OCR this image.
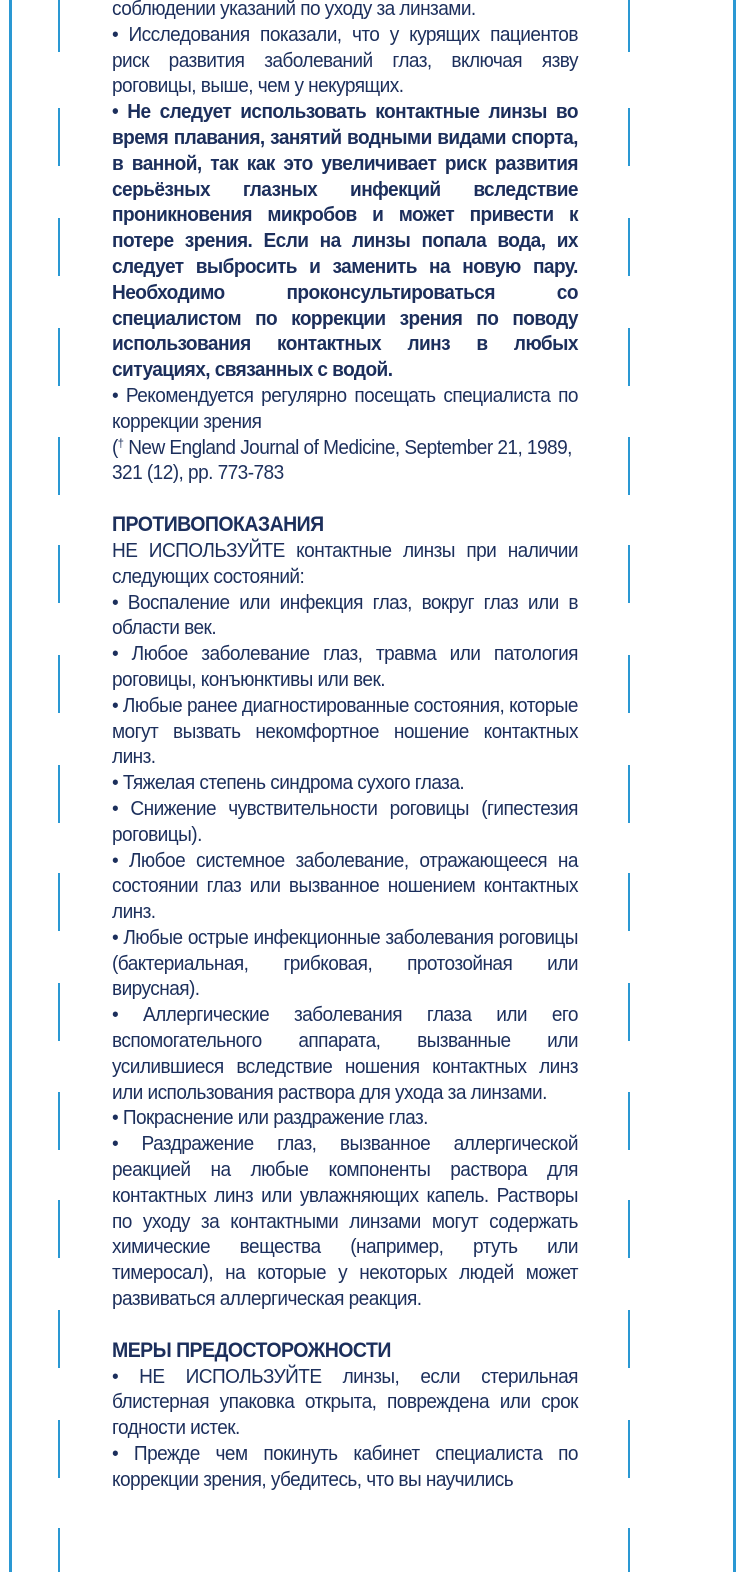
соблюдении указаний по уходу за линзами.

• Исследования показали, что у курящих пациентов риск развития заболеваний глаз, включая язву роговицы, выше, чем у некурящих.

• Не следует использовать контактные линзы во время плавания, занятий водными видами спорта, в ванной, так как это увеличивает риск развития серьёзных глазных инфекций вследствие проникновения микробов и может привести к потере зрения. Если на линзы попала вода, их следует выбросить и заменить на новую пару. Необходимо проконсультироваться со специалистом по коррекции зрения по поводу использования контактных линз в любых ситуациях, связанных с водой.

• Рекомендуется регулярно посещать специалиста по коррекции зрения

(† New England Journal of Medicine, September 21, 1989, 321 (12), pp. 773-783

ПРОТИВОПОКАЗАНИЯ

НЕ ИСПОЛЬЗУЙТЕ контактные линзы при наличии следующих состояний:

• Воспаление или инфекция глаз, вокруг глаз или в области век.

• Любое заболевание глаз, травма или патология роговицы, конъюнктивы или век.

• Любые ранее диагностированные состояния, которые могут вызвать некомфортное ношение контактных линз.

• Тяжелая степень синдрома сухого глаза.

• Снижение чувствительности роговицы (гипестезия роговицы).

• Любое системное заболевание, отражающееся на состоянии глаз или вызванное ношением контактных линз.

• Любые острые инфекционные заболевания роговицы (бактериальная, грибковая, протозойная или вирусная).

• Аллергические заболевания глаза или его вспомогательного аппарата, вызванные или усилившиеся вследствие ношения контактных линз или использования раствора для ухода за линзами.

• Покраснение или раздражение глаз.

• Раздражение глаз, вызванное аллергической реакцией на любые компоненты раствора для контактных линз или увлажняющих капель. Растворы по уходу за контактными линзами могут содержать химические вещества (например, ртуть или тимеросал), на которые у некоторых людей может развиваться аллергическая реакция.

МЕРЫ ПРЕДОСТОРОЖНОСТИ

• НЕ ИСПОЛЬЗУЙТЕ линзы, если стерильная блистерная упаковка открыта, повреждена или срок годности истек.

• Прежде чем покинуть кабинет специалиста по коррекции зрения, убедитесь, что вы научились
